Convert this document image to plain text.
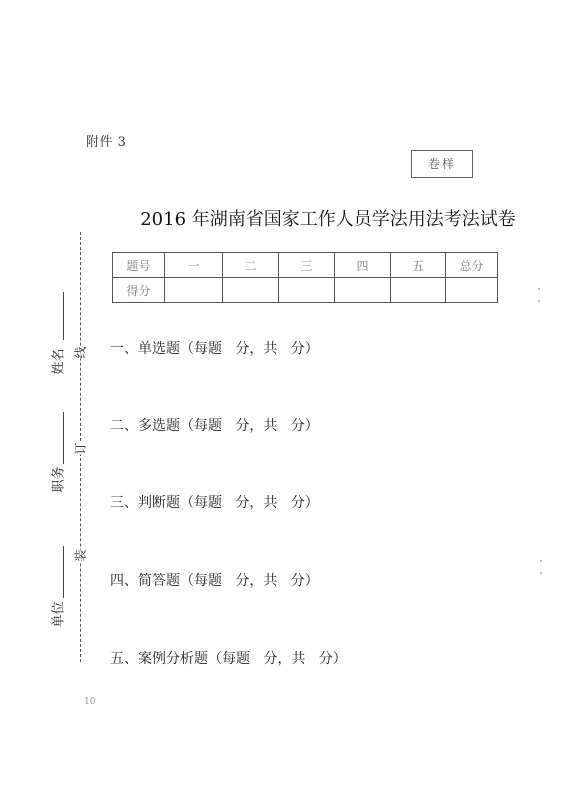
附件 3
卷样
2016 年湖南省国家工作人员学法用法考法试卷
题号	一	二	三	四	五	总分
得分						
一、单选题（每题   分，共   分）
二、多选题（每题   分，共   分）
三、判断题（每题   分，共   分）
四、简答题（每题   分，共   分）
五、案例分析题（每题   分，共   分）
线
订
装
姓名
职务
单位
10
